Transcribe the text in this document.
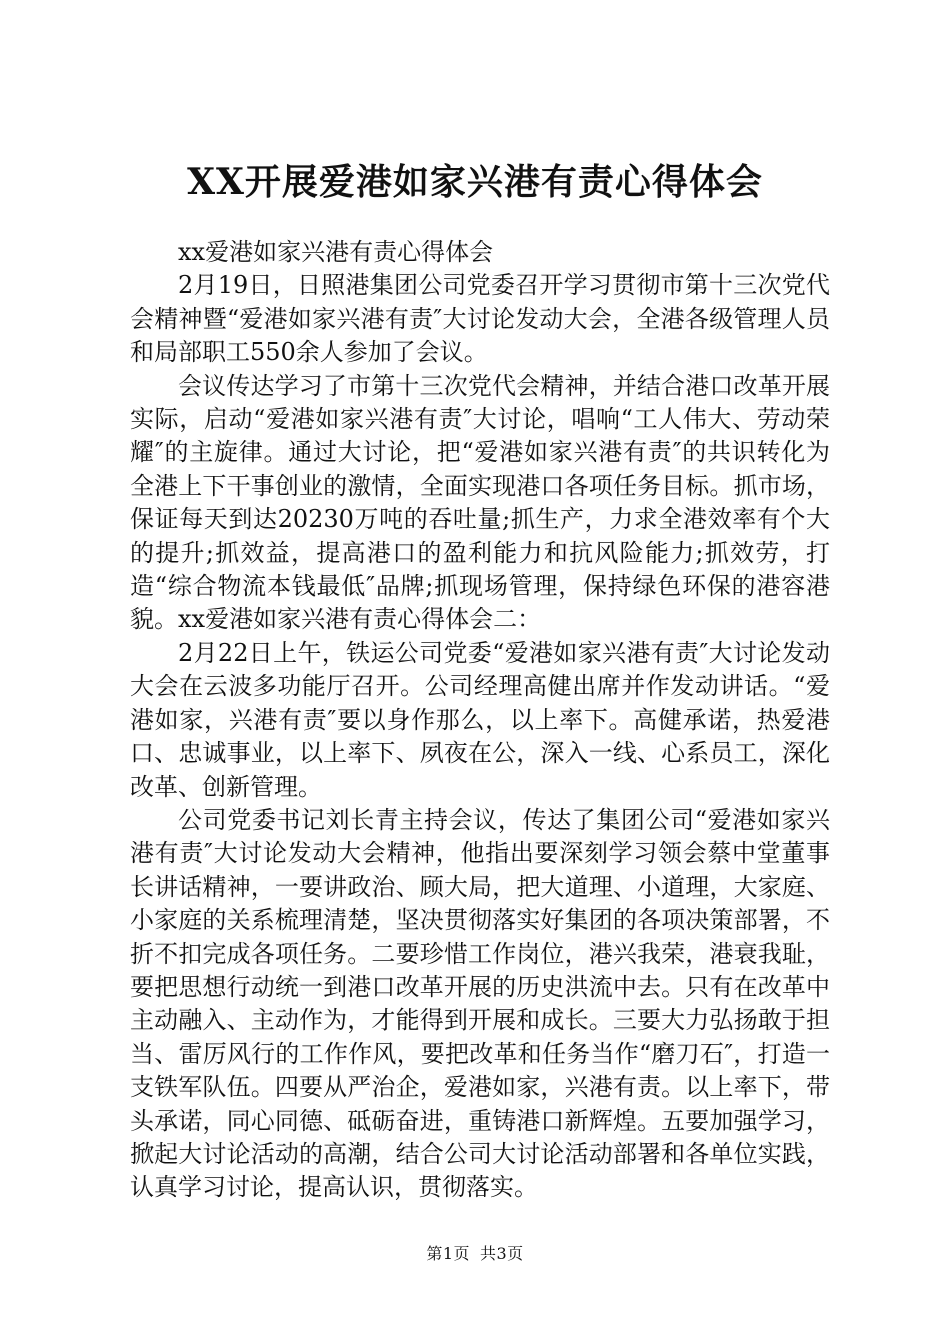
XX开展爱港如家兴港有责心得体会

xx爱港如家兴港有责心得体会

2月19日，日照港集团公司党委召开学习贯彻市第十三次党代会精神暨“爱港如家兴港有责″大讨论发动大会，全港各级管理人员和局部职工550余人参加了会议。

会议传达学习了市第十三次党代会精神，并结合港口改革开展实际，启动“爱港如家兴港有责″大讨论，唱响“工人伟大、劳动荣耀″的主旋律。通过大讨论，把“爱港如家兴港有责″的共识转化为全港上下干事创业的激情，全面实现港口各项任务目标。抓市场，保证每天到达20230万吨的吞吐量;抓生产，力求全港效率有个大的提升;抓效益，提高港口的盈利能力和抗风险能力;抓效劳，打造“综合物流本钱最低″品牌;抓现场管理，保持绿色环保的港容港貌。xx爱港如家兴港有责心得体会二：

2月22日上午，铁运公司党委“爱港如家兴港有责″大讨论发动大会在云波多功能厅召开。公司经理高健出席并作发动讲话。“爱港如家，兴港有责″要以身作那么，以上率下。高健承诺，热爱港口、忠诚事业，以上率下、夙夜在公，深入一线、心系员工，深化改革、创新管理。

公司党委书记刘长青主持会议，传达了集团公司“爱港如家兴港有责″大讨论发动大会精神，他指出要深刻学习领会蔡中堂董事长讲话精神，一要讲政治、顾大局，把大道理、小道理，大家庭、小家庭的关系梳理清楚，坚决贯彻落实好集团的各项决策部署，不折不扣完成各项任务。二要珍惜工作岗位，港兴我荣，港衰我耻，要把思想行动统一到港口改革开展的历史洪流中去。只有在改革中主动融入、主动作为，才能得到开展和成长。三要大力弘扬敢于担当、雷厉风行的工作作风，要把改革和任务当作“磨刀石″，打造一支铁军队伍。四要从严治企，爱港如家，兴港有责。以上率下，带头承诺，同心同德、砥砺奋进，重铸港口新辉煌。五要加强学习，掀起大讨论活动的高潮，结合公司大讨论活动部署和各单位实践，认真学习讨论，提高认识，贯彻落实。

第1页 共3页
